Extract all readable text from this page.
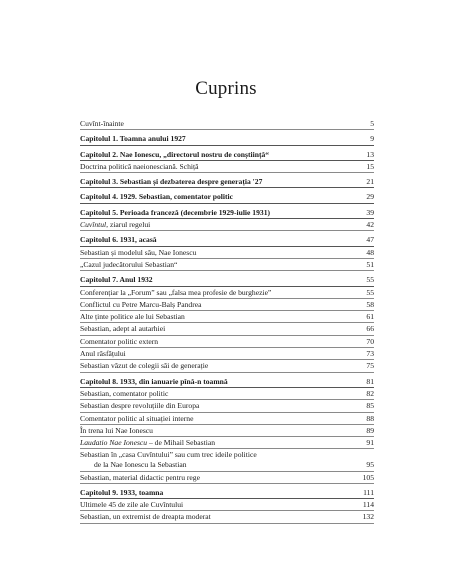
Cuprins
Cuvînt-înainte	5
Capitolul 1. Toamna anului 1927	9
Capitolul 2. Nae Ionescu, „directorul nostru de conștiință“	13
Doctrina politică naeionesciană. Schiță	15
Capitolul 3. Sebastian și dezbaterea despre generația '27	21
Capitolul 4. 1929. Sebastian, comentator politic	29
Capitolul 5. Perioada franceză (decembrie 1929-iulie 1931)	39
Cuvîntul, ziarul regelui	42
Capitolul 6. 1931, acasă	47
Sebastian și modelul său, Nae Ionescu	48
„Cazul judecătorului Sebastian“	51
Capitolul 7. Anul 1932	55
Conferențiar la „Forum” sau „falsa mea profesie de burghezie”	55
Conflictul cu Petre Marcu-Balș Pandrea	58
Alte ținte politice ale lui Sebastian	61
Sebastian, adept al autarhiei	66
Comentator politic extern	70
Anul răsfățului	73
Sebastian văzut de colegii săi de generație	75
Capitolul 8. 1933, din ianuarie pînă-n toamnă	81
Sebastian, comentator politic	82
Sebastian despre revoluțiile din Europa	85
Comentator politic al situației interne	88
În trena lui Nae Ionescu	89
Laudatio Nae Ionescu – de Mihail Sebastian	91
Sebastian în „casa Cuvîntului” sau cum trec ideile politice
de la Nae Ionescu la Sebastian	95
Sebastian, material didactic pentru rege	105
Capitolul 9. 1933, toamna	111
Ultimele 45 de zile ale Cuvîntului	114
Sebastian, un extremist de dreapta moderat	132
